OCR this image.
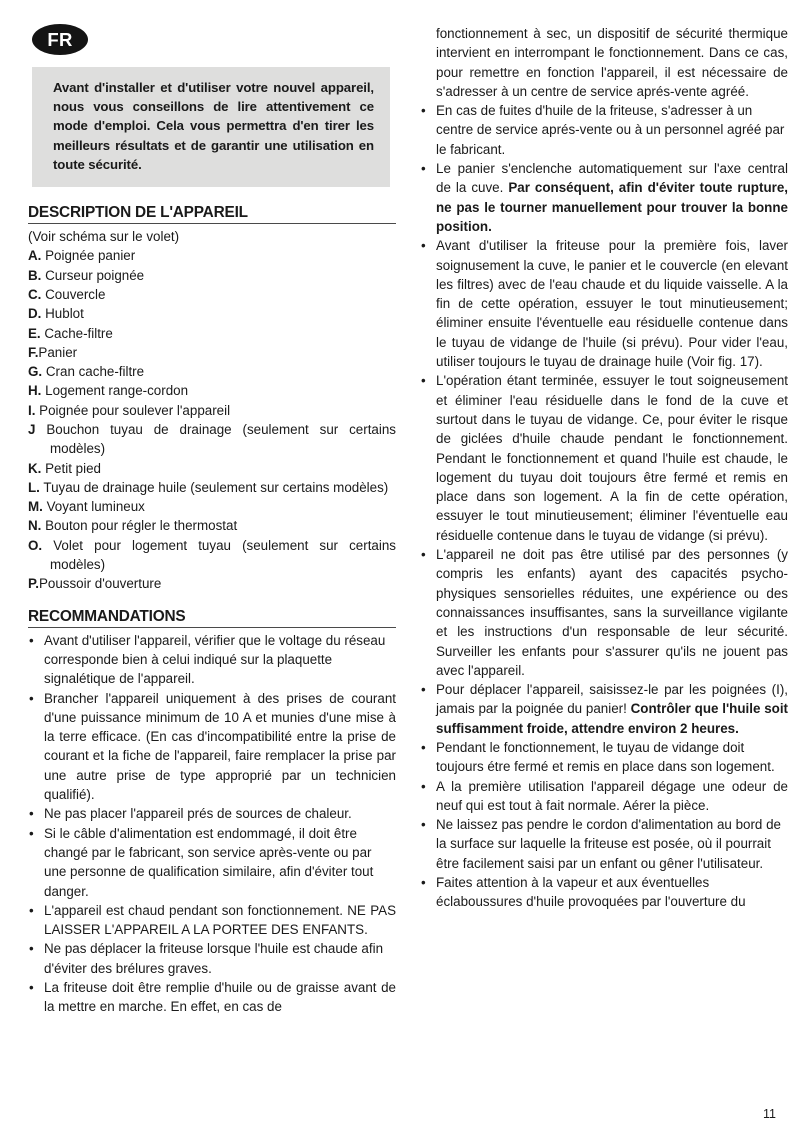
FR

Avant d'installer et d'utiliser votre nouvel appareil, nous vous conseillons de lire attentivement ce mode d'emploi. Cela vous permettra d'en tirer les meilleurs résultats et de garantir une utilisation en toute sécurité.

DESCRIPTION DE L'APPAREIL

(Voir schéma sur le volet)

A. Poignée panier
B. Curseur poignée
C. Couvercle
D. Hublot
E. Cache-filtre
F.Panier
G. Cran cache-filtre
H. Logement range-cordon
I. Poignée pour soulever l'appareil
J Bouchon tuyau de drainage (seulement sur certains modèles)
K. Petit pied
L. Tuyau de drainage huile (seulement sur certains modèles)
M. Voyant lumineux
N. Bouton pour régler le thermostat
O. Volet pour logement tuyau (seulement sur certains modèles)
P.Poussoir d'ouverture
RECOMMANDATIONS
• Avant d'utiliser l'appareil, vérifier que le voltage du réseau corresponde bien à celui indiqué sur la plaquette signalétique de l'appareil.
• Brancher l'appareil uniquement à des prises de courant d'une puissance minimum de 10 A et munies d'une mise à la terre efficace. (En cas d'incompatibilité entre la prise de courant et la fiche de l'appareil, faire remplacer la prise par une autre prise de type approprié par un technicien qualifié).
• Ne pas placer l'appareil prés de sources de chaleur.
• Si le câble d'alimentation est endommagé, il doit être changé par le fabricant, son service après-vente ou par une personne de qualification similaire, afin d'éviter tout danger.
• L'appareil est chaud pendant son fonctionnement. NE PAS LAISSER L'APPAREIL A LA PORTEE DES ENFANTS.
• Ne pas déplacer la friteuse lorsque l'huile est chaude afin d'éviter des brélures graves.
• La friteuse doit être remplie d'huile ou de graisse avant de la mettre en marche. En effet, en cas de

fonctionnement à sec, un dispositif de sécurité thermique intervient en interrompant le fonctionnement. Dans ce cas, pour remettre en fonction l'appareil, il est nécessaire de s'adresser à un centre de service aprés-vente agréé.

• En cas de fuites d'huile de la friteuse, s'adresser à un centre de service aprés-vente ou à un personnel agréé par le fabricant.
• Le panier s'enclenche automatiquement sur l'axe central de la cuve. Par conséquent, afin d'éviter toute rupture, ne pas le tourner manuellement pour trouver la bonne position.
• Avant d'utiliser la friteuse pour la première fois, laver soignusement la cuve, le panier et le couvercle (en elevant les filtres) avec de l'eau chaude et du liquide vaisselle. A la fin de cette opération, essuyer le tout minutieusement; éliminer ensuite l'éventuelle eau résiduelle contenue dans le tuyau de vidange de l'huile (si prévu). Pour vider l'eau, utiliser toujours le tuyau de drainage huile (Voir fig. 17).
• L'opération étant terminée, essuyer le tout soigneusement et éliminer l'eau résiduelle dans le fond de la cuve et surtout dans le tuyau de vidange. Ce, pour éviter le risque de giclées d'huile chaude pendant le fonctionnement. Pendant le fonctionnement et quand l'huile est chaude, le logement du tuyau doit toujours être fermé et remis en place dans son logement. A la fin de cette opération, essuyer le tout minutieusement; éliminer l'éventuelle eau résiduelle contenue dans le tuyau de vidange (si prévu).
• L'appareil ne doit pas être utilisé par des personnes (y compris les enfants) ayant des capacités psycho-physiques sensorielles réduites, une expérience ou des connaissances insuffisantes, sans la surveillance vigilante et les instructions d'un responsable de leur sécurité. Surveiller les enfants pour s'assurer qu'ils ne jouent pas avec l'appareil.
• Pour déplacer l'appareil, saisissez-le par les poignées (I), jamais par la poignée du panier! Contrôler que l'huile soit suffisamment froide, attendre environ 2 heures.
• Pendant le fonctionnement, le tuyau de vidange doit toujours étre fermé et remis en place dans son logement.
• A la première utilisation l'appareil dégage une odeur de neuf qui est tout à fait normale. Aérer la pièce.
• Ne laissez pas pendre le cordon d'alimentation au bord de la surface sur laquelle la friteuse est posée, où il pourrait être facilement saisi par un enfant ou gêner l'utilisateur.
• Faites attention à la vapeur et aux éventuelles éclaboussures d'huile provoquées par l'ouverture du
11
